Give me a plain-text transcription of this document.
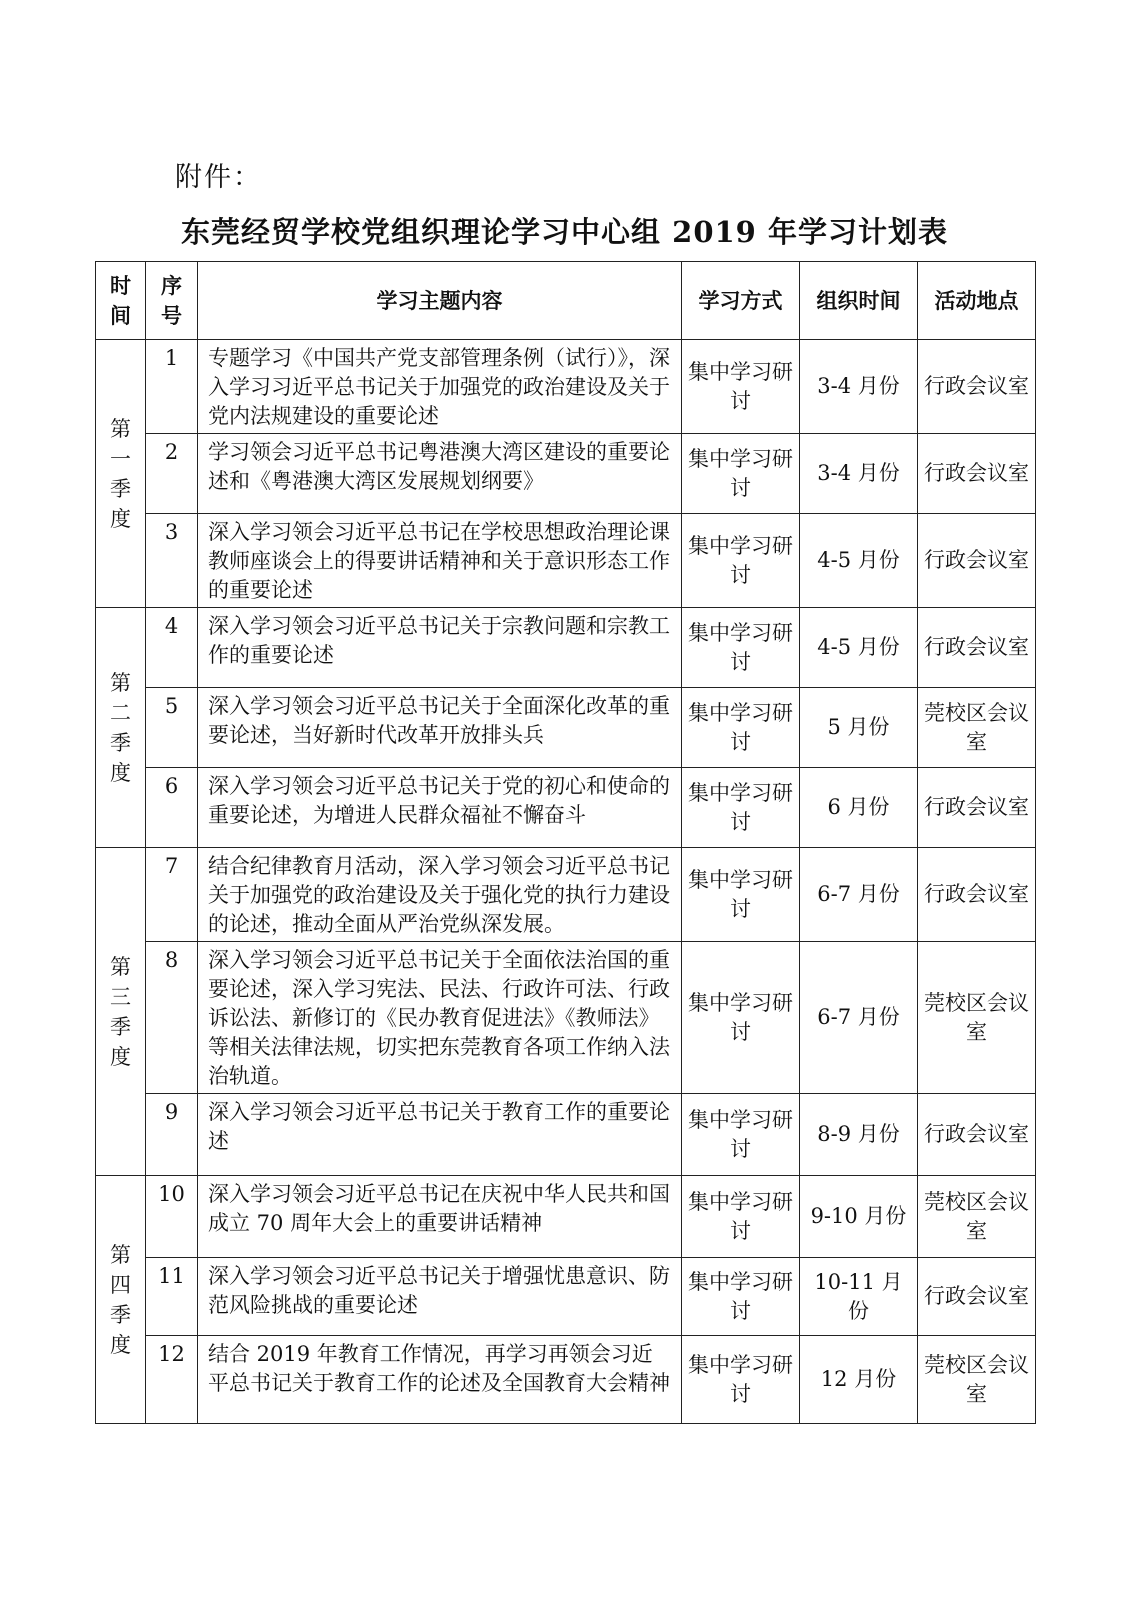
附件：
东莞经贸学校党组织理论学习中心组 2019 年学习计划表
时
间	序
号	学习主题内容	学习方式	组织时间	活动地点

第
一
季
度	1	专题学习《中国共产党支部管理条例（试行）》，深入学习习近平总书记关于加强党的政治建设及关于党内法规建设的重要论述	集中学习研讨	3-4 月份	行政会议室
	2	学习领会习近平总书记粤港澳大湾区建设的重要论述和《粤港澳大湾区发展规划纲要》	集中学习研讨	3-4 月份	行政会议室
	3	深入学习领会习近平总书记在学校思想政治理论课教师座谈会上的得要讲话精神和关于意识形态工作的重要论述	集中学习研讨	4-5 月份	行政会议室

第
二
季
度	4	深入学习领会习近平总书记关于宗教问题和宗教工作的重要论述	集中学习研讨	4-5 月份	行政会议室
	5	深入学习领会习近平总书记关于全面深化改革的重要论述，当好新时代改革开放排头兵	集中学习研讨	5 月份	莞校区会议室
	6	深入学习领会习近平总书记关于党的初心和使命的重要论述，为增进人民群众福祉不懈奋斗	集中学习研讨	6 月份	行政会议室

第
三
季
度	7	结合纪律教育月活动，深入学习领会习近平总书记关于加强党的政治建设及关于强化党的执行力建设的论述，推动全面从严治党纵深发展。	集中学习研讨	6-7 月份	行政会议室
	8	深入学习领会习近平总书记关于全面依法治国的重要论述，深入学习宪法、民法、行政许可法、行政诉讼法、新修订的《民办教育促进法》《教师法》等相关法律法规，切实把东莞教育各项工作纳入法治轨道。	集中学习研讨	6-7 月份	莞校区会议室
	9	深入学习领会习近平总书记关于教育工作的重要论述	集中学习研讨	8-9 月份	行政会议室

第
四
季
度	10	深入学习领会习近平总书记在庆祝中华人民共和国成立 70 周年大会上的重要讲话精神	集中学习研讨	9-10 月份	莞校区会议室
	11	深入学习领会习近平总书记关于增强忧患意识、防范风险挑战的重要论述	集中学习研讨	10-11 月份	行政会议室
	12	结合 2019 年教育工作情况，再学习再领会习近平总书记关于教育工作的论述及全国教育大会精神	集中学习研讨	12 月份	莞校区会议室
